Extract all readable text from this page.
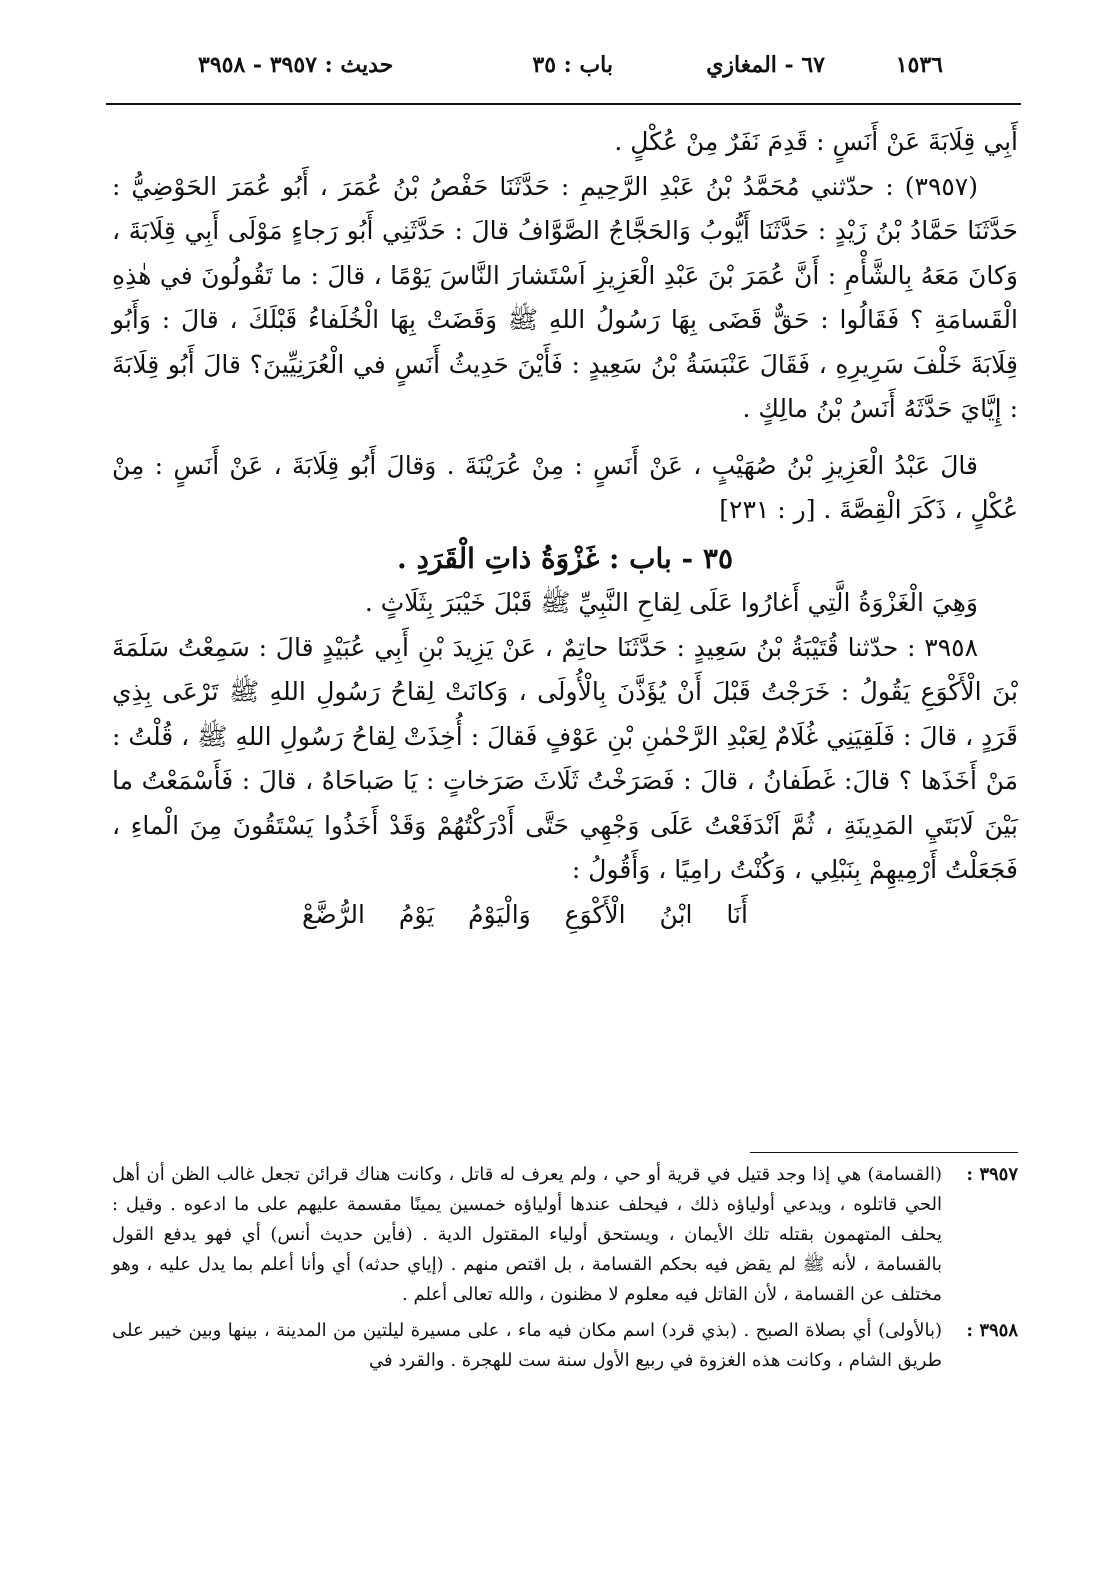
١٥٣٦
٦٧ - المغازي
باب : ٣٥
حديث : ٣٩٥٧ - ٣٩٥٨

أَبِي قِلَابَةَ عَنْ أَنَسٍ : قَدِمَ نَفَرٌ مِنْ عُكْلٍ .

(٣٩٥٧) : حدّثني مُحَمَّدُ بْنُ عَبْدِ الرَّحِيمِ : حَدَّثَنَا حَفْصُ بْنُ عُمَرَ ، أَبُو عُمَرَ الحَوْضِيُّ : حَدَّثَنَا حَمَّادُ بْنُ زَيْدٍ : حَدَّثَنَا أَيُّوبُ وَالحَجَّاجُ الصَّوَّافُ قالَ : حَدَّثَنِي أَبُو رَجاءٍ مَوْلَى أَبِي قِلَابَةَ ، وَكانَ مَعَهُ بِالشَّأْمِ : أَنَّ عُمَرَ بْنَ عَبْدِ الْعَزِيزِ اَسْتَشارَ النَّاسَ يَوْمًا ، قالَ : ما تَقُولُونَ في هٰذِهِ الْقَسامَةِ ؟ فَقَالُوا : حَقٌّ قَضَى بِهَا رَسُولُ اللهِ ﷺ وَقَضَتْ بِهَا الْخُلَفاءُ قَبْلَكَ ، قالَ : وَأَبُو قِلَابَةَ خَلْفَ سَرِيرِهِ ، فَقَالَ عَنْبَسَةُ بْنُ سَعِيدٍ : فَأَيْنَ حَدِيثُ أَنَسٍ في الْعُرَنِيِّينَ؟ قالَ أَبُو قِلَابَةَ : إِيَّايَ حَدَّثَهُ أَنَسُ بْنُ مالِكٍ .

قالَ عَبْدُ الْعَزِيزِ بْنُ صُهَيْبٍ ، عَنْ أَنَسٍ : مِنْ عُرَيْنَةَ . وَقالَ أَبُو قِلَابَةَ ، عَنْ أَنَسٍ : مِنْ عُكْلٍ ، ذَكَرَ الْقِصَّةَ . [ر : ٢٣١]

٣٥ - باب : غَزْوَةُ ذاتِ الْقَرَدِ .

وَهِيَ الْغَزْوَةُ الَّتِي أَغارُوا عَلَى لِقاحِ النَّبِيِّ ﷺ قَبْلَ خَيْبَرَ بِثَلَاثٍ .

٣٩٥٨ : حدّثنا قُتَيْبَةُ بْنُ سَعِيدٍ : حَدَّثَنَا حاتِمٌ ، عَنْ يَزِيدَ بْنِ أَبِي عُبَيْدٍ قالَ : سَمِعْتُ سَلَمَةَ بْنَ الْأَكْوَعِ يَقُولُ : خَرَجْتُ قَبْلَ أَنْ يُؤَذَّنَ بِالْأُولَى ، وَكانَتْ لِقاحُ رَسُولِ اللهِ ﷺ تَرْعَى بِذِي قَرَدٍ ، قالَ : فَلَقِيَنِي غُلَامٌ لِعَبْدِ الرَّحْمٰنِ بْنِ عَوْفٍ فَقالَ : أُخِذَتْ لِقاحُ رَسُولِ اللهِ ﷺ ، قُلْتُ : مَنْ أَخَذَها ؟ قالَ: غَطَفانُ ، قالَ : فَصَرَخْتُ ثَلَاثَ صَرَخاتٍ : يَا صَباحَاهُ ، قالَ : فَأَسْمَعْتُ ما بَيْنَ لَابَتَيِ المَدِينَةِ ، ثُمَّ اَنْدَفَعْتُ عَلَى وَجْهِي حَتَّى أَدْرَكْتُهُمْ وَقَدْ أَخَذُوا يَسْتَقُونَ مِنَ الْماءِ ، فَجَعَلْتُ أَرْمِيهِمْ بِنَبْلِي ، وَكُنْتُ رامِيًا ، وَأَقُولُ :

أَنَا ابْنُ الْأَكْوَعِ وَالْيَوْمُ يَوْمُ الرُّضَّعْ

٣٩٥٧ :
(القسامة) هي إذا وجد قتيل في قرية أو حي ، ولم يعرف له قاتل ، وكانت هناك قرائن تجعل غالب الظن أن أهل الحي قاتلوه ، ويدعي أولياؤه ذلك ، فيحلف عندها أولياؤه خمسين يمينًا مقسمة عليهم على ما ادعوه . وقيل : يحلف المتهمون بقتله تلك الأيمان ، ويستحق أولياء المقتول الدية . (فأين حديث أنس) أي فهو يدفع القول بالقسامة ، لأنه ﷺ لم يقض فيه بحكم القسامة ، بل اقتص منهم . (إياي حدثه) أي وأنا أعلم بما يدل عليه ، وهو مختلف عن القسامة ، لأن القاتل فيه معلوم لا مظنون ، والله تعالى أعلم .

٣٩٥٨ :
(بالأولى) أي بصلاة الصبح . (بذي قرد) اسم مكان فيه ماء ، على مسيرة ليلتين من المدينة ، بينها وبين خيبر على طريق الشام ، وكانت هذه الغزوة في ربيع الأول سنة ست للهجرة . والقرد في
